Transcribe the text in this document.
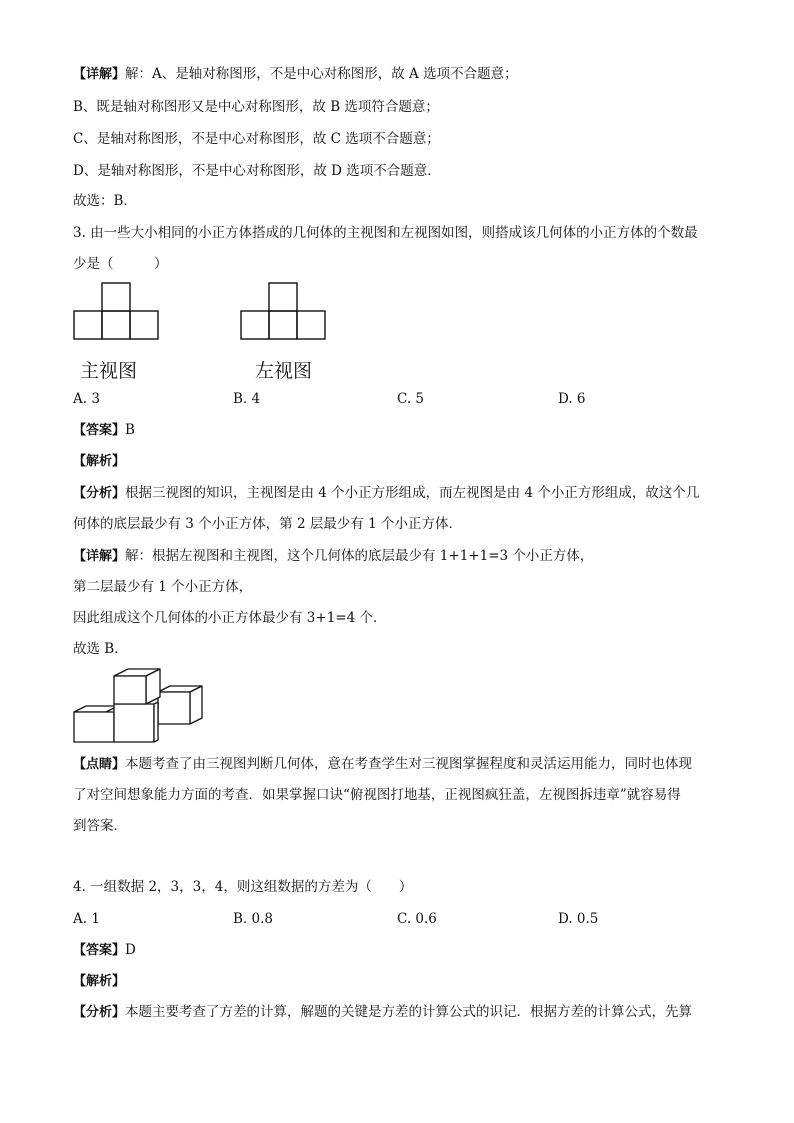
【详解】解：A、是轴对称图形，不是中心对称图形，故 A 选项不合题意；
B、既是轴对称图形又是中心对称图形，故 B 选项符合题意；
C、是轴对称图形，不是中心对称图形，故 C 选项不合题意；
D、是轴对称图形，不是中心对称图形，故 D 选项不合题意．
故选：B．
3. 由一些大小相同的小正方体搭成的几何体的主视图和左视图如图，则搭成该几何体的小正方体的个数最
少是（　　　）
主视图	左视图
A. 3	B. 4	C. 5	D. 6
【答案】B
【解析】
【分析】根据三视图的知识，主视图是由 4 个小正方形组成，而左视图是由 4 个小正方形组成，故这个几
何体的底层最少有 3 个小正方体，第 2 层最少有 1 个小正方体．
【详解】解：根据左视图和主视图，这个几何体的底层最少有 1+1+1=3 个小正方体，
第二层最少有 1 个小正方体，
因此组成这个几何体的小正方体最少有 3+1=4 个．
故选 B．
【点睛】本题考查了由三视图判断几何体，意在考查学生对三视图掌握程度和灵活运用能力，同时也体现
了对空间想象能力方面的考查．如果掌握口诀“俯视图打地基，正视图疯狂盖，左视图拆违章”就容易得
到答案．
4. 一组数据 2，3，3，4，则这组数据的方差为（　　）
A. 1	B. 0.8	C. 0.6	D. 0.5
【答案】D
【解析】
【分析】本题主要考查了方差的计算，解题的关键是方差的计算公式的识记．根据方差的计算公式，先算
